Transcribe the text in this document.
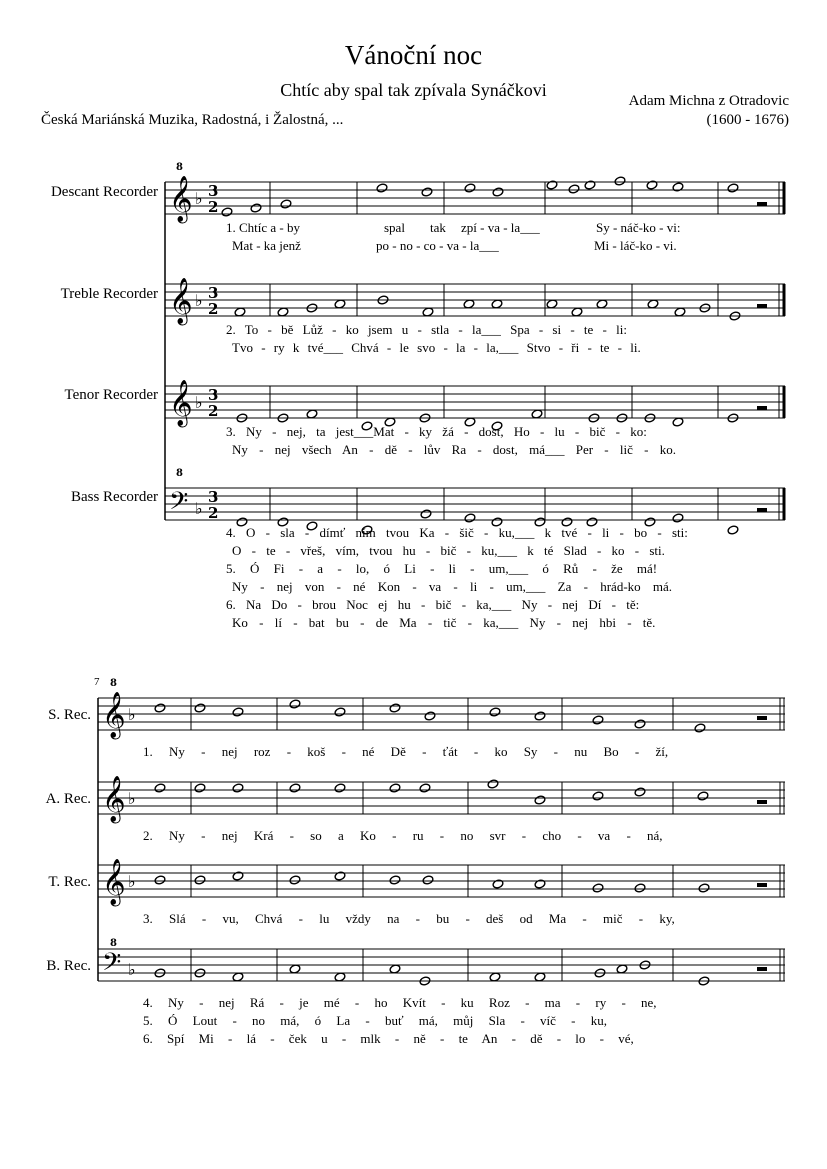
Vánoční noc
Chtíc aby spal tak zpívala Synáčkovi
Adam Michna z Otradovic
(1600 - 1676)
Česká Mariánská Muzika, Radostná, i Žalostná, ...
Descant Recorder
Treble Recorder
Tenor Recorder
Bass Recorder
S. Rec.
A. Rec.
T. Rec.
B. Rec.
7
𝄞 ♭ 3
2
𝄞 ♭ 3
2
𝄞 ♭ 3
2
𝄢 ♭
3
2
𝄞 ♭
𝄞 ♭
𝄞 ♭
𝄢 ♭
8
8
8
8
1. Chtíc a - by	spal tak zpí - va - la___	Sy - náč-ko - vi:
Mat - ka jenž	po - no - co - va - la___	Mi - láč-ko - vi.
2. To - bě Lůž - ko jsem u - stla - la___ Spa - si - te - li:
Tvo - ry k tvé___ Chvá - le svo - la - la,___ Stvo - ři - te - li.
3. Ny - nej, ta jest___Mat - ky žá - dost, Ho - lu - bič - ko:
Ny - nej všech An - dě - lův Ra - dost, má___ Per - lič - ko.
4. O - sla - dímť ním tvou Ka - šič - ku,___ k tvé - li - bo - sti:
O - te - vřeš, vím, tvou hu - bič - ku,___ k té Slad - ko - sti.
5. Ó Fi - a - lo, ó Li - li - um,___ ó Rů - že má!
Ny - nej von - né Kon - va - li - um,___ Za - hrád-ko má.
6. Na Do - brou Noc ej hu - bič - ka,___ Ny - nej Dí - tě:
Ko - lí - bat bu - de Ma - tič - ka,___ Ny - nej hbi - tě.
1. Ny - nej roz - koš - né Dě - ťát - ko Sy - nu Bo - ží,
2. Ny - nej Krá - so a Ko - ru - no svr - cho - va - ná,
3. Slá - vu, Chvá - lu vždy na - bu - deš od Ma - mič - ky,
4. Ny - nej Rá - je mé - ho Kvít - ku Roz - ma - ry - ne,
5. Ó Lout - no má, ó La - buť má, můj Sla - víč - ku,
6. Spí Mi - lá - ček u - mlk - ně - te An - dě - lo - vé,
